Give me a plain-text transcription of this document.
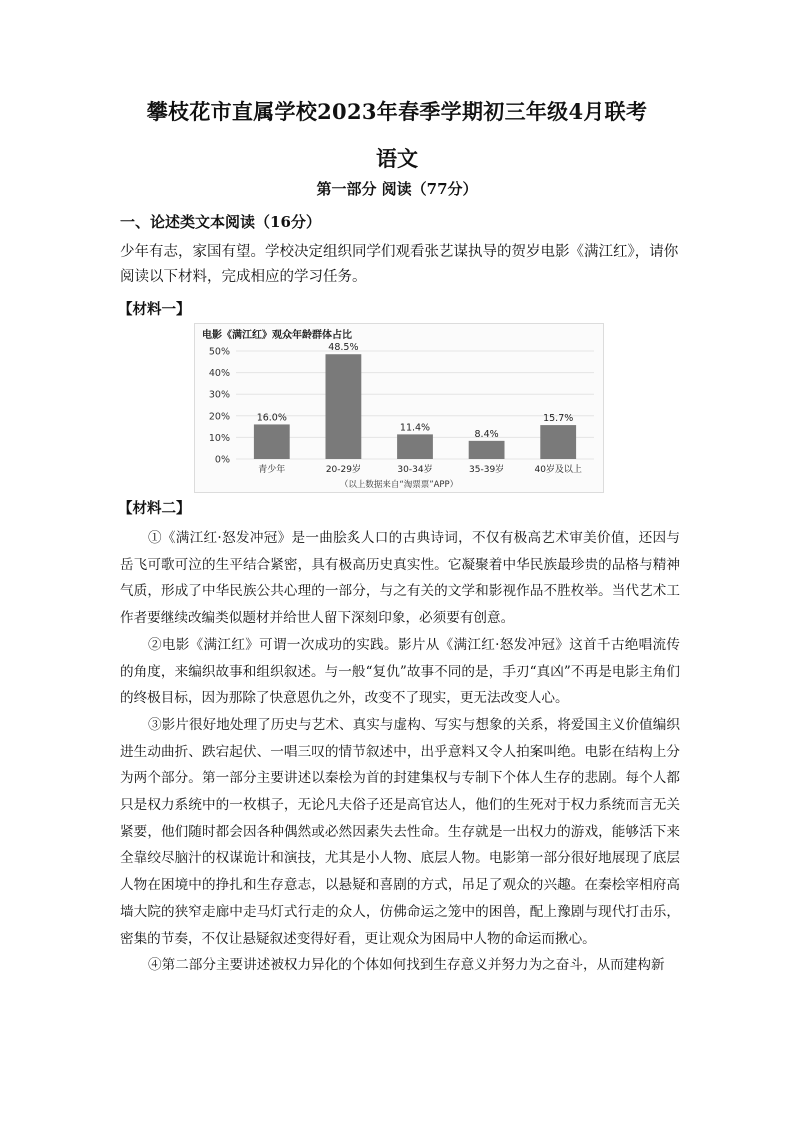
攀枝花市直属学校2023年春季学期初三年级4月联考
语文
第一部分 阅读（77分）
一、论述类文本阅读（16分）
少年有志，家国有望。学校决定组织同学们观看张艺谋执导的贺岁电影《满江红》，请你阅读以下材料，完成相应的学习任务。
【材料一】
电影《满江红》观众年龄群体占比
0%
10%
20%
30%
40%
50%
16.0%
青少年
48.5%
20-29岁
11.4%
30-34岁
8.4%
35-39岁
15.7%
40岁及以上
（以上数据来自“淘票票”APP）
【材料二】

①《满江红·怒发冲冠》是一曲脍炙人口的古典诗词，不仅有极高艺术审美价值，还因与岳飞可歌可泣的生平结合紧密，具有极高历史真实性。它凝聚着中华民族最珍贵的品格与精神气质，形成了中华民族公共心理的一部分，与之有关的文学和影视作品不胜枚举。当代艺术工作者要继续改编类似题材并给世人留下深刻印象，必须要有创意。

②电影《满江红》可谓一次成功的实践。影片从《满江红·怒发冲冠》这首千古绝唱流传的角度，来编织故事和组织叙述。与一般“复仇”故事不同的是，手刃“真凶”不再是电影主角们的终极目标，因为那除了快意恩仇之外，改变不了现实，更无法改变人心。

③影片很好地处理了历史与艺术、真实与虚构、写实与想象的关系，将爱国主义价值编织进生动曲折、跌宕起伏、一唱三叹的情节叙述中，出乎意料又令人拍案叫绝。电影在结构上分为两个部分。第一部分主要讲述以秦桧为首的封建集权与专制下个体人生存的悲剧。每个人都只是权力系统中的一枚棋子，无论凡夫俗子还是高官达人，他们的生死对于权力系统而言无关紧要，他们随时都会因各种偶然或必然因素失去性命。生存就是一出权力的游戏，能够活下来全靠绞尽脑汁的权谋诡计和演技，尤其是小人物、底层人物。电影第一部分很好地展现了底层人物在困境中的挣扎和生存意志，以悬疑和喜剧的方式，吊足了观众的兴趣。在秦桧宰相府高墙大院的狭窄走廊中走马灯式行走的众人，仿佛命运之笼中的困兽，配上豫剧与现代打击乐，密集的节奏，不仅让悬疑叙述变得好看，更让观众为困局中人物的命运而揪心。

④第二部分主要讲述被权力异化的个体如何找到生存意义并努力为之奋斗，从而建构新
